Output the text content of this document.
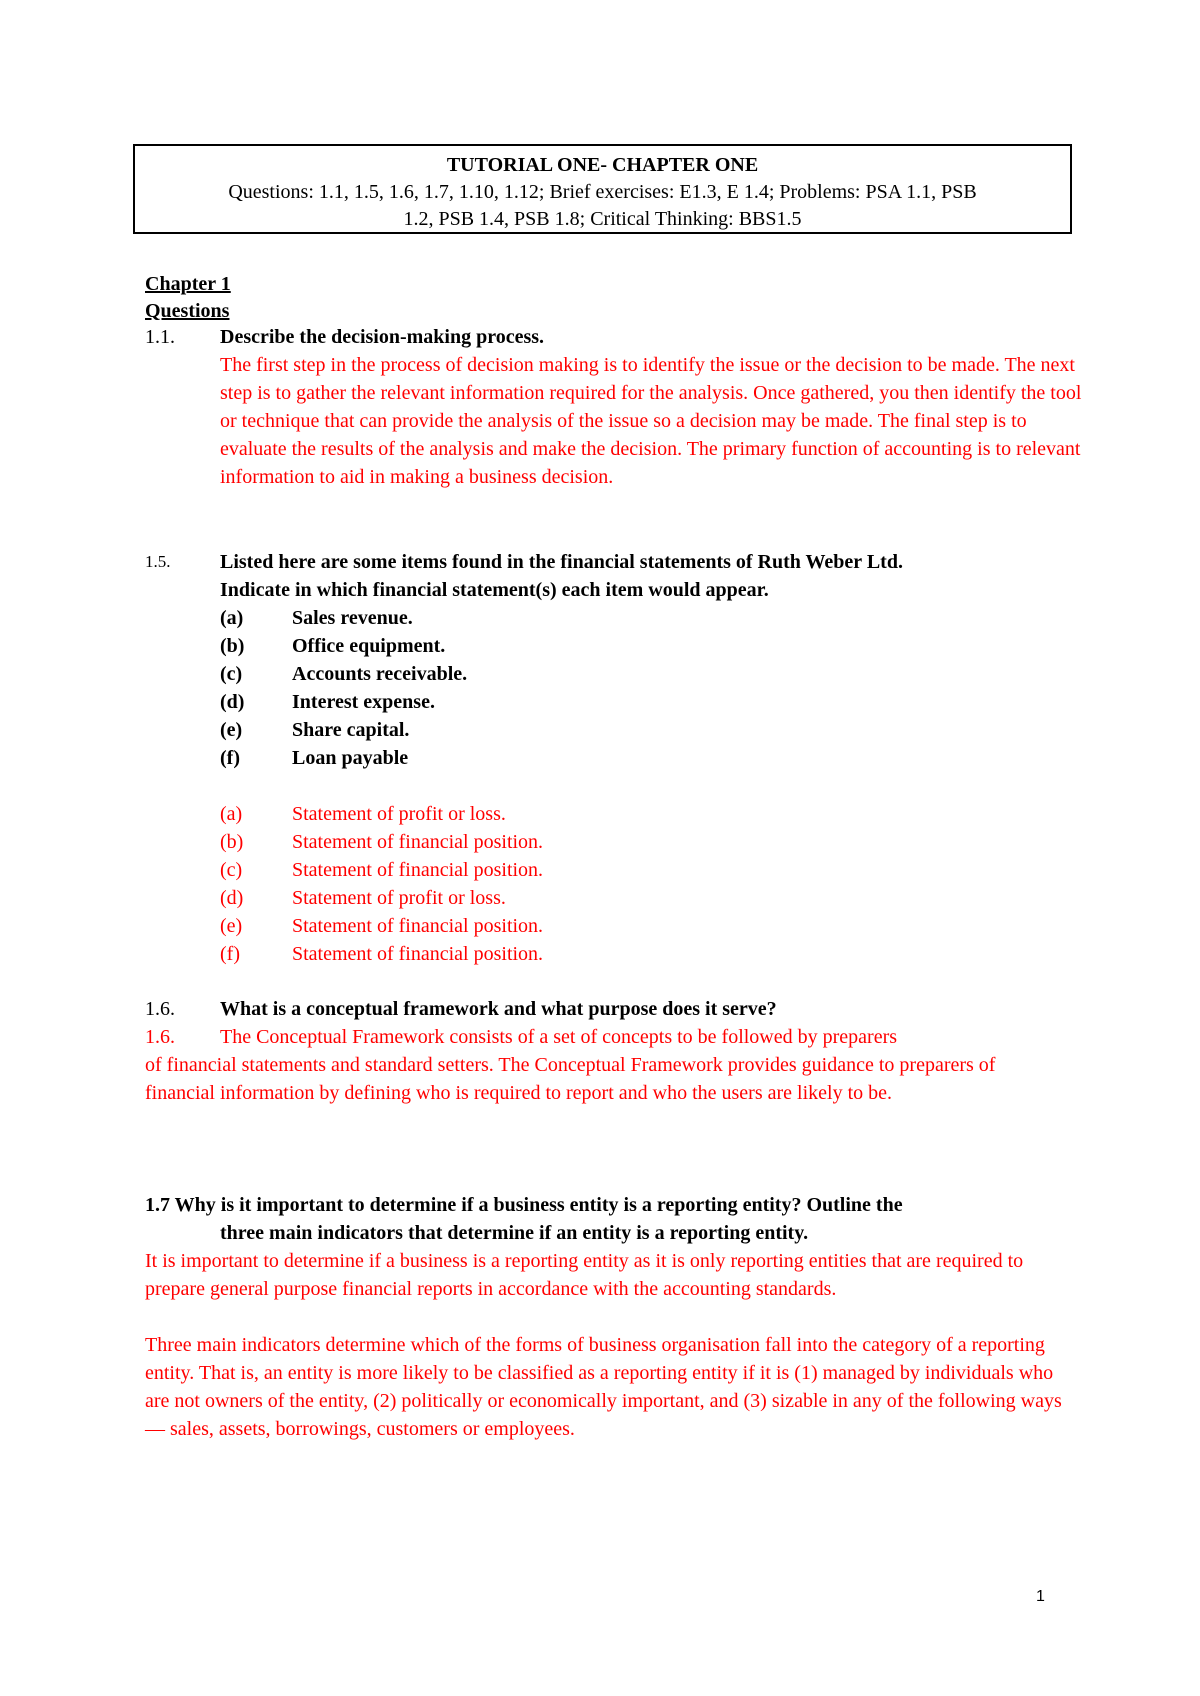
TUTORIAL ONE- CHAPTER ONE
Questions: 1.1, 1.5, 1.6, 1.7, 1.10, 1.12; Brief exercises: E1.3, E 1.4; Problems: PSA 1.1, PSB
1.2, PSB 1.4, PSB 1.8; Critical Thinking: BBS1.5
Chapter 1
Questions
1.1. Describe the decision-making process.
The first step in the process of decision making is to identify the issue or the decision to be made. The next step is to gather the relevant information required for the analysis. Once gathered, you then identify the tool or technique that can provide the analysis of the issue so a decision may be made. The final step is to evaluate the results of the analysis and make the decision. The primary function of accounting is to relevant information to aid in making a business decision.
1.5. Listed here are some items found in the financial statements of Ruth Weber Ltd.
Indicate in which financial statement(s) each item would appear.
(a) Sales revenue.
(b) Office equipment.
(c) Accounts receivable.
(d) Interest expense.
(e) Share capital.
(f)	Loan payable
(a) Statement of profit or loss.
(b) Statement of financial position.
(c) Statement of financial position.
(d) Statement of profit or loss.
(e) Statement of financial position.
(f)	Statement of financial position.
1.6. What is a conceptual framework and what purpose does it serve?
1.6. The Conceptual Framework consists of a set of concepts to be followed by preparers
of financial statements and standard setters. The Conceptual Framework provides guidance to preparers of financial information by defining who is required to report and who the users are likely to be.
1.7 Why is it important to determine if a business entity is a reporting entity? Outline the
three main indicators that determine if an entity is a reporting entity.
It is important to determine if a business is a reporting entity as it is only reporting entities that are required to prepare general purpose financial reports in accordance with the accounting standards.
Three main indicators determine which of the forms of business organisation fall into the category of a reporting entity. That is, an entity is more likely to be classified as a reporting entity if it is (1) managed by individuals who are not owners of the entity, (2) politically or economically important, and (3) sizable in any of the following ways — sales, assets, borrowings, customers or employees.
1
